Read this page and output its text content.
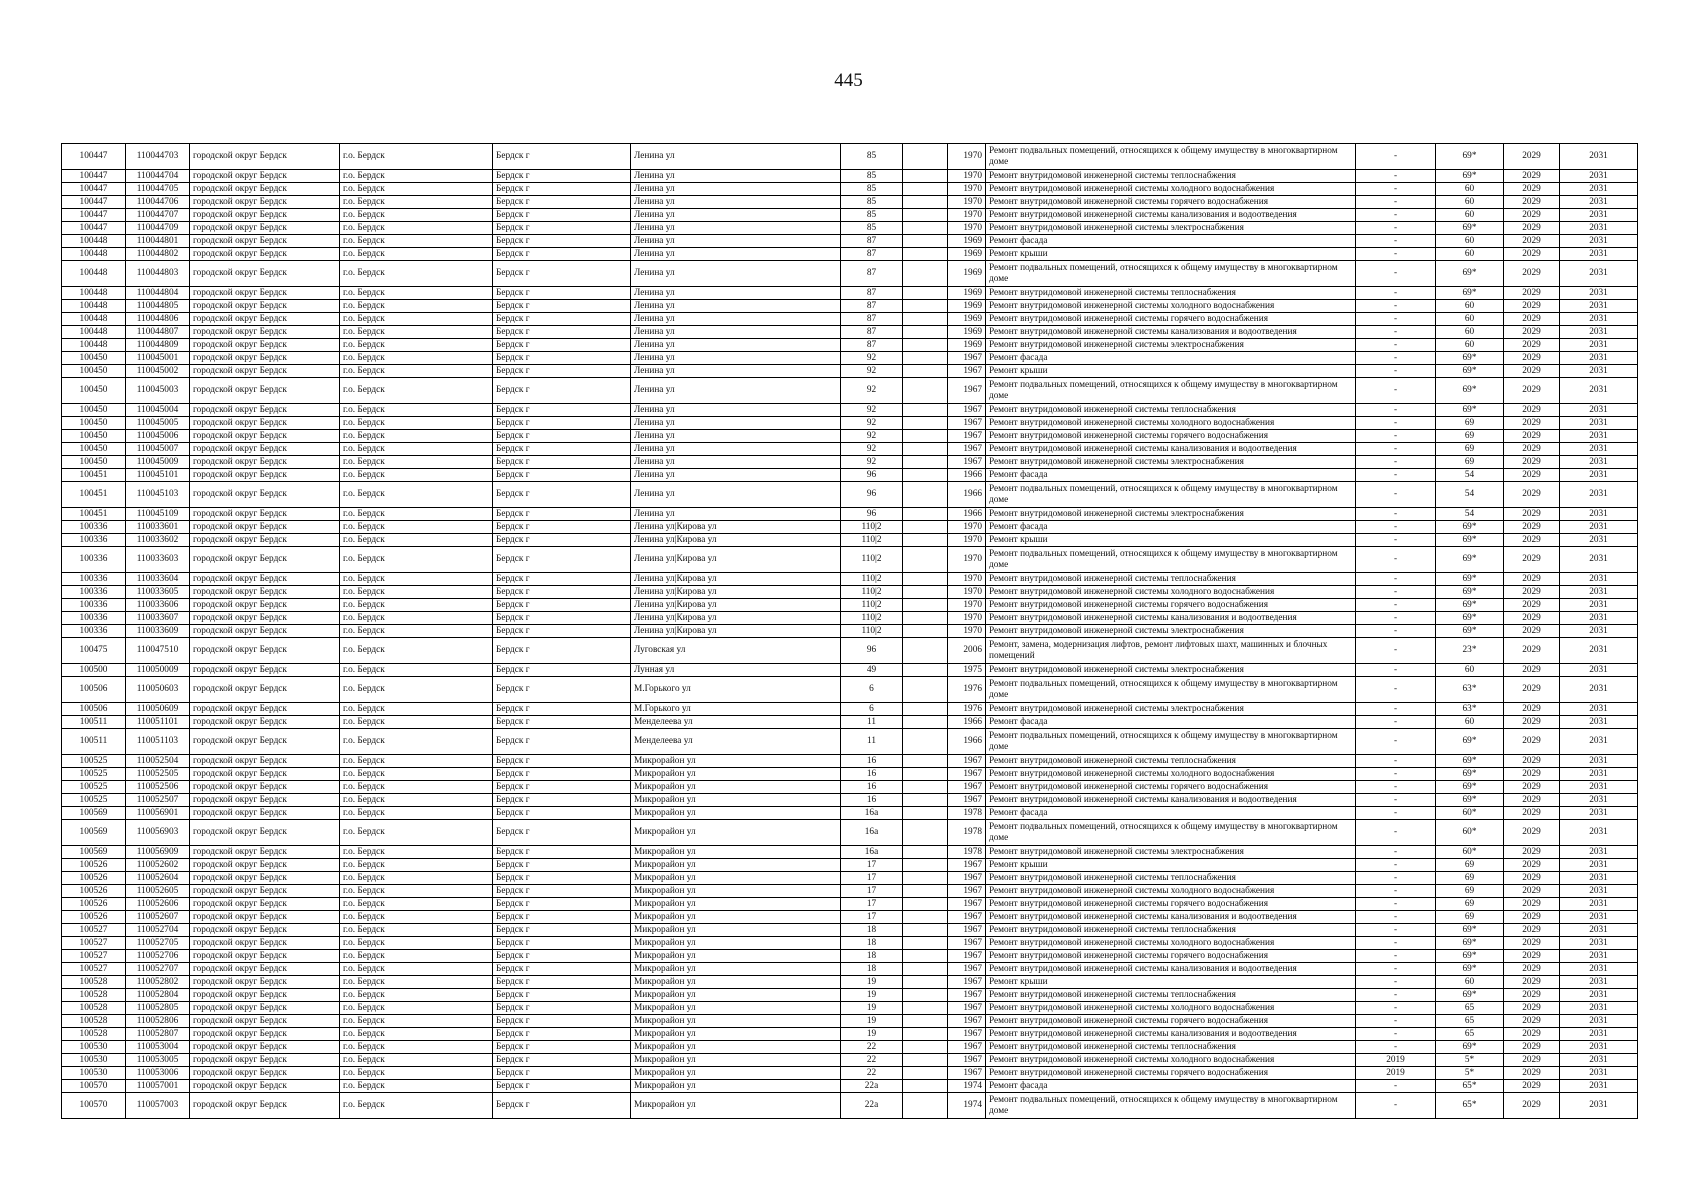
445
100447	110044703	городской округ Бердск	г.о. Бердск	Бердск г	Ленина ул	85		1970	Ремонт подвальных помещений, относящихся к общему имуществу в многоквартирном доме	-	69*	2029	2031
100447	110044704	городской округ Бердск	г.о. Бердск	Бердск г	Ленина ул	85		1970	Ремонт внутридомовой инженерной системы теплоснабжения	-	69*	2029	2031
100447	110044705	городской округ Бердск	г.о. Бердск	Бердск г	Ленина ул	85		1970	Ремонт внутридомовой инженерной системы холодного водоснабжения	-	60	2029	2031
100447	110044706	городской округ Бердск	г.о. Бердск	Бердск г	Ленина ул	85		1970	Ремонт внутридомовой инженерной системы горячего водоснабжения	-	60	2029	2031
100447	110044707	городской округ Бердск	г.о. Бердск	Бердск г	Ленина ул	85		1970	Ремонт внутридомовой инженерной системы канализования и водоотведения	-	60	2029	2031
100447	110044709	городской округ Бердск	г.о. Бердск	Бердск г	Ленина ул	85		1970	Ремонт внутридомовой инженерной системы электроснабжения	-	69*	2029	2031
100448	110044801	городской округ Бердск	г.о. Бердск	Бердск г	Ленина ул	87		1969	Ремонт фасада	-	60	2029	2031
100448	110044802	городской округ Бердск	г.о. Бердск	Бердск г	Ленина ул	87		1969	Ремонт крыши	-	60	2029	2031
100448	110044803	городской округ Бердск	г.о. Бердск	Бердск г	Ленина ул	87		1969	Ремонт подвальных помещений, относящихся к общему имуществу в многоквартирном доме	-	69*	2029	2031
100448	110044804	городской округ Бердск	г.о. Бердск	Бердск г	Ленина ул	87		1969	Ремонт внутридомовой инженерной системы теплоснабжения	-	69*	2029	2031
100448	110044805	городской округ Бердск	г.о. Бердск	Бердск г	Ленина ул	87		1969	Ремонт внутридомовой инженерной системы холодного водоснабжения	-	60	2029	2031
100448	110044806	городской округ Бердск	г.о. Бердск	Бердск г	Ленина ул	87		1969	Ремонт внутридомовой инженерной системы горячего водоснабжения	-	60	2029	2031
100448	110044807	городской округ Бердск	г.о. Бердск	Бердск г	Ленина ул	87		1969	Ремонт внутридомовой инженерной системы канализования и водоотведения	-	60	2029	2031
100448	110044809	городской округ Бердск	г.о. Бердск	Бердск г	Ленина ул	87		1969	Ремонт внутридомовой инженерной системы электроснабжения	-	60	2029	2031
100450	110045001	городской округ Бердск	г.о. Бердск	Бердск г	Ленина ул	92		1967	Ремонт фасада	-	69*	2029	2031
100450	110045002	городской округ Бердск	г.о. Бердск	Бердск г	Ленина ул	92		1967	Ремонт крыши	-	69*	2029	2031
100450	110045003	городской округ Бердск	г.о. Бердск	Бердск г	Ленина ул	92		1967	Ремонт подвальных помещений, относящихся к общему имуществу в многоквартирном доме	-	69*	2029	2031
100450	110045004	городской округ Бердск	г.о. Бердск	Бердск г	Ленина ул	92		1967	Ремонт внутридомовой инженерной системы теплоснабжения	-	69*	2029	2031
100450	110045005	городской округ Бердск	г.о. Бердск	Бердск г	Ленина ул	92		1967	Ремонт внутридомовой инженерной системы холодного водоснабжения	-	69	2029	2031
100450	110045006	городской округ Бердск	г.о. Бердск	Бердск г	Ленина ул	92		1967	Ремонт внутридомовой инженерной системы горячего водоснабжения	-	69	2029	2031
100450	110045007	городской округ Бердск	г.о. Бердск	Бердск г	Ленина ул	92		1967	Ремонт внутридомовой инженерной системы канализования и водоотведения	-	69	2029	2031
100450	110045009	городской округ Бердск	г.о. Бердск	Бердск г	Ленина ул	92		1967	Ремонт внутридомовой инженерной системы электроснабжения	-	69	2029	2031
100451	110045101	городской округ Бердск	г.о. Бердск	Бердск г	Ленина ул	96		1966	Ремонт фасада	-	54	2029	2031
100451	110045103	городской округ Бердск	г.о. Бердск	Бердск г	Ленина ул	96		1966	Ремонт подвальных помещений, относящихся к общему имуществу в многоквартирном доме	-	54	2029	2031
100451	110045109	городской округ Бердск	г.о. Бердск	Бердск г	Ленина ул	96		1966	Ремонт внутридомовой инженерной системы электроснабжения	-	54	2029	2031
100336	110033601	городской округ Бердск	г.о. Бердск	Бердск г	Ленина ул|Кирова ул	110|2		1970	Ремонт фасада	-	69*	2029	2031
100336	110033602	городской округ Бердск	г.о. Бердск	Бердск г	Ленина ул|Кирова ул	110|2		1970	Ремонт крыши	-	69*	2029	2031
100336	110033603	городской округ Бердск	г.о. Бердск	Бердск г	Ленина ул|Кирова ул	110|2		1970	Ремонт подвальных помещений, относящихся к общему имуществу в многоквартирном доме	-	69*	2029	2031
100336	110033604	городской округ Бердск	г.о. Бердск	Бердск г	Ленина ул|Кирова ул	110|2		1970	Ремонт внутридомовой инженерной системы теплоснабжения	-	69*	2029	2031
100336	110033605	городской округ Бердск	г.о. Бердск	Бердск г	Ленина ул|Кирова ул	110|2		1970	Ремонт внутридомовой инженерной системы холодного водоснабжения	-	69*	2029	2031
100336	110033606	городской округ Бердск	г.о. Бердск	Бердск г	Ленина ул|Кирова ул	110|2		1970	Ремонт внутридомовой инженерной системы горячего водоснабжения	-	69*	2029	2031
100336	110033607	городской округ Бердск	г.о. Бердск	Бердск г	Ленина ул|Кирова ул	110|2		1970	Ремонт внутридомовой инженерной системы канализования и водоотведения	-	69*	2029	2031
100336	110033609	городской округ Бердск	г.о. Бердск	Бердск г	Ленина ул|Кирова ул	110|2		1970	Ремонт внутридомовой инженерной системы электроснабжения	-	69*	2029	2031
100475	110047510	городской округ Бердск	г.о. Бердск	Бердск г	Луговская ул	96		2006	Ремонт, замена, модернизация лифтов, ремонт лифтовых шахт, машинных и блочных помещений	-	23*	2029	2031
100500	110050009	городской округ Бердск	г.о. Бердск	Бердск г	Лунная ул	49		1975	Ремонт внутридомовой инженерной системы электроснабжения	-	60	2029	2031
100506	110050603	городской округ Бердск	г.о. Бердск	Бердск г	М.Горького ул	6		1976	Ремонт подвальных помещений, относящихся к общему имуществу в многоквартирном доме	-	63*	2029	2031
100506	110050609	городской округ Бердск	г.о. Бердск	Бердск г	М.Горького ул	6		1976	Ремонт внутридомовой инженерной системы электроснабжения	-	63*	2029	2031
100511	110051101	городской округ Бердск	г.о. Бердск	Бердск г	Менделеева ул	11		1966	Ремонт фасада	-	60	2029	2031
100511	110051103	городской округ Бердск	г.о. Бердск	Бердск г	Менделеева ул	11		1966	Ремонт подвальных помещений, относящихся к общему имуществу в многоквартирном доме	-	69*	2029	2031
100525	110052504	городской округ Бердск	г.о. Бердск	Бердск г	Микрорайон ул	16		1967	Ремонт внутридомовой инженерной системы теплоснабжения	-	69*	2029	2031
100525	110052505	городской округ Бердск	г.о. Бердск	Бердск г	Микрорайон ул	16		1967	Ремонт внутридомовой инженерной системы холодного водоснабжения	-	69*	2029	2031
100525	110052506	городской округ Бердск	г.о. Бердск	Бердск г	Микрорайон ул	16		1967	Ремонт внутридомовой инженерной системы горячего водоснабжения	-	69*	2029	2031
100525	110052507	городской округ Бердск	г.о. Бердск	Бердск г	Микрорайон ул	16		1967	Ремонт внутридомовой инженерной системы канализования и водоотведения	-	69*	2029	2031
100569	110056901	городской округ Бердск	г.о. Бердск	Бердск г	Микрорайон ул	16а		1978	Ремонт фасада	-	60*	2029	2031
100569	110056903	городской округ Бердск	г.о. Бердск	Бердск г	Микрорайон ул	16а		1978	Ремонт подвальных помещений, относящихся к общему имуществу в многоквартирном доме	-	60*	2029	2031
100569	110056909	городской округ Бердск	г.о. Бердск	Бердск г	Микрорайон ул	16а		1978	Ремонт внутридомовой инженерной системы электроснабжения	-	60*	2029	2031
100526	110052602	городской округ Бердск	г.о. Бердск	Бердск г	Микрорайон ул	17		1967	Ремонт крыши	-	69	2029	2031
100526	110052604	городской округ Бердск	г.о. Бердск	Бердск г	Микрорайон ул	17		1967	Ремонт внутридомовой инженерной системы теплоснабжения	-	69	2029	2031
100526	110052605	городской округ Бердск	г.о. Бердск	Бердск г	Микрорайон ул	17		1967	Ремонт внутридомовой инженерной системы холодного водоснабжения	-	69	2029	2031
100526	110052606	городской округ Бердск	г.о. Бердск	Бердск г	Микрорайон ул	17		1967	Ремонт внутридомовой инженерной системы горячего водоснабжения	-	69	2029	2031
100526	110052607	городской округ Бердск	г.о. Бердск	Бердск г	Микрорайон ул	17		1967	Ремонт внутридомовой инженерной системы канализования и водоотведения	-	69	2029	2031
100527	110052704	городской округ Бердск	г.о. Бердск	Бердск г	Микрорайон ул	18		1967	Ремонт внутридомовой инженерной системы теплоснабжения	-	69*	2029	2031
100527	110052705	городской округ Бердск	г.о. Бердск	Бердск г	Микрорайон ул	18		1967	Ремонт внутридомовой инженерной системы холодного водоснабжения	-	69*	2029	2031
100527	110052706	городской округ Бердск	г.о. Бердск	Бердск г	Микрорайон ул	18		1967	Ремонт внутридомовой инженерной системы горячего водоснабжения	-	69*	2029	2031
100527	110052707	городской округ Бердск	г.о. Бердск	Бердск г	Микрорайон ул	18		1967	Ремонт внутридомовой инженерной системы канализования и водоотведения	-	69*	2029	2031
100528	110052802	городской округ Бердск	г.о. Бердск	Бердск г	Микрорайон ул	19		1967	Ремонт крыши	-	60	2029	2031
100528	110052804	городской округ Бердск	г.о. Бердск	Бердск г	Микрорайон ул	19		1967	Ремонт внутридомовой инженерной системы теплоснабжения	-	69*	2029	2031
100528	110052805	городской округ Бердск	г.о. Бердск	Бердск г	Микрорайон ул	19		1967	Ремонт внутридомовой инженерной системы холодного водоснабжения	-	65	2029	2031
100528	110052806	городской округ Бердск	г.о. Бердск	Бердск г	Микрорайон ул	19		1967	Ремонт внутридомовой инженерной системы горячего водоснабжения	-	65	2029	2031
100528	110052807	городской округ Бердск	г.о. Бердск	Бердск г	Микрорайон ул	19		1967	Ремонт внутридомовой инженерной системы канализования и водоотведения	-	65	2029	2031
100530	110053004	городской округ Бердск	г.о. Бердск	Бердск г	Микрорайон ул	22		1967	Ремонт внутридомовой инженерной системы теплоснабжения	-	69*	2029	2031
100530	110053005	городской округ Бердск	г.о. Бердск	Бердск г	Микрорайон ул	22		1967	Ремонт внутридомовой инженерной системы холодного водоснабжения	2019	5*	2029	2031
100530	110053006	городской округ Бердск	г.о. Бердск	Бердск г	Микрорайон ул	22		1967	Ремонт внутридомовой инженерной системы горячего водоснабжения	2019	5*	2029	2031
100570	110057001	городской округ Бердск	г.о. Бердск	Бердск г	Микрорайон ул	22а		1974	Ремонт фасада	-	65*	2029	2031
100570	110057003	городской округ Бердск	г.о. Бердск	Бердск г	Микрорайон ул	22а		1974	Ремонт подвальных помещений, относящихся к общему имуществу в многоквартирном доме	-	65*	2029	2031
